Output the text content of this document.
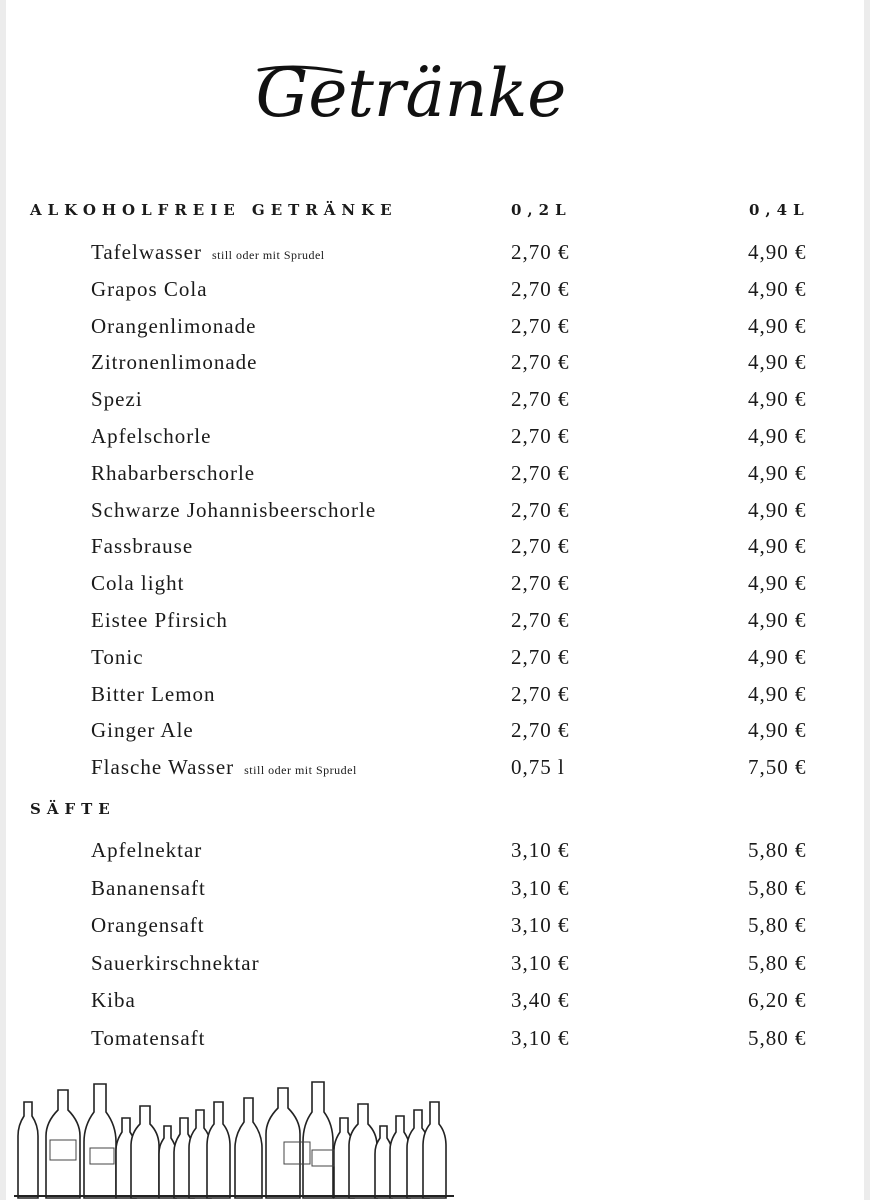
Getränke
ALKOHOLFREIE GETRÄNKE	0,2L	0,4L
Tafelwasser still oder mit Sprudel	2,70 €	4,90 €
Grapos Cola	2,70 €	4,90 €
Orangenlimonade	2,70 €	4,90 €
Zitronenlimonade	2,70 €	4,90 €
Spezi	2,70 €	4,90 €
Apfelschorle	2,70 €	4,90 €
Rhabarberschorle	2,70 €	4,90 €
Schwarze Johannisbeerschorle	2,70 €	4,90 €
Fassbrause	2,70 €	4,90 €
Cola light	2,70 €	4,90 €
Eistee Pfirsich	2,70 €	4,90 €
Tonic	2,70 €	4,90 €
Bitter Lemon	2,70 €	4,90 €
Ginger Ale	2,70 €	4,90 €
Flasche Wasser still oder mit Sprudel	0,75 l	7,50 €
SÄFTE
Apfelnektar	3,10 €	5,80 €
Bananensaft	3,10 €	5,80 €
Orangensaft	3,10 €	5,80 €
Sauerkirschnektar	3,10 €	5,80 €
Kiba	3,40 €	6,20 €
Tomatensaft	3,10 €	5,80 €
